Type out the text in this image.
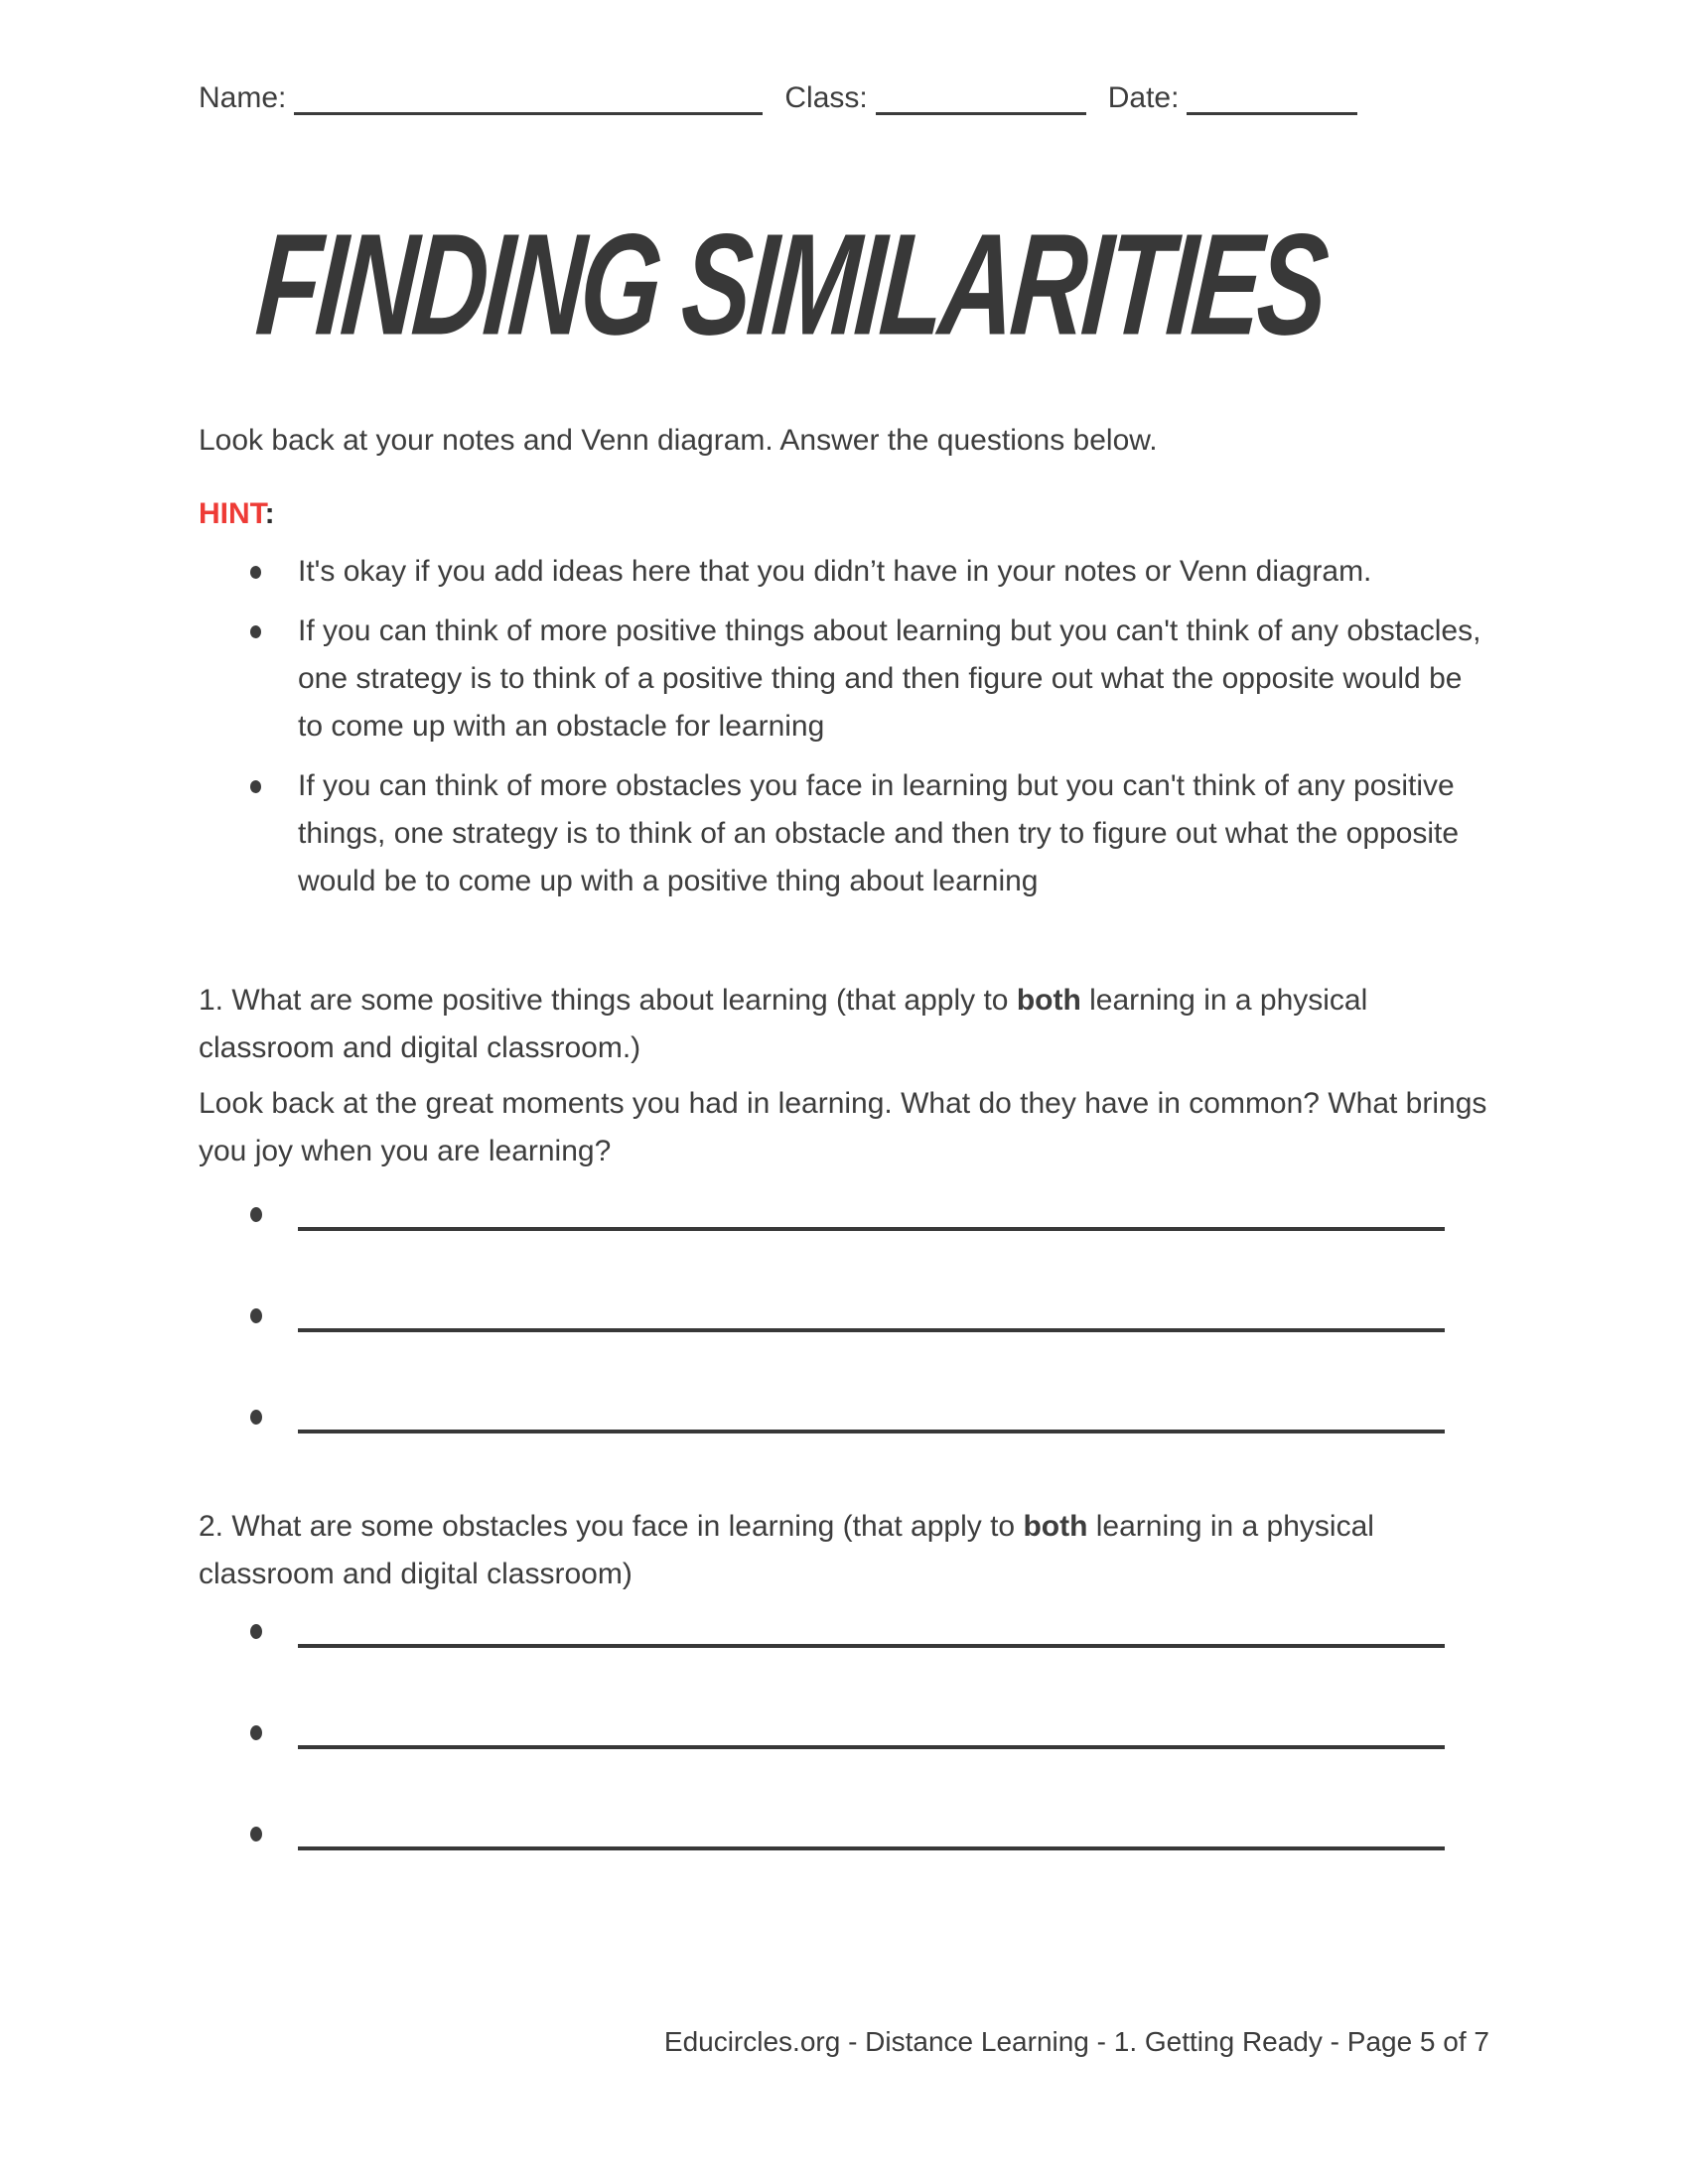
Name:	Class:	Date:
FINDING SIMILARITIES
Look back at your notes and Venn diagram. Answer the questions below.
HINT:
It's okay if you add ideas here that you didn’t have in your notes or Venn diagram.
If you can think of more positive things about learning but you can't think of any obstacles, one strategy is to think of a positive thing and then figure out what the opposite would be to come up with an obstacle for learning
If you can think of more obstacles you face in learning but you can't think of any positive things, one strategy is to think of an obstacle and then try to figure out what the opposite would be to come up with a positive thing about learning
1. What are some positive things about learning (that apply to both learning in a physical classroom and digital classroom.)
Look back at the great moments you had in learning. What do they have in common? What brings you joy when you are learning?
2. What are some obstacles you face in learning (that apply to both learning in a physical classroom and digital classroom)
Educircles.org - Distance Learning - 1. Getting Ready - Page 5 of 7
